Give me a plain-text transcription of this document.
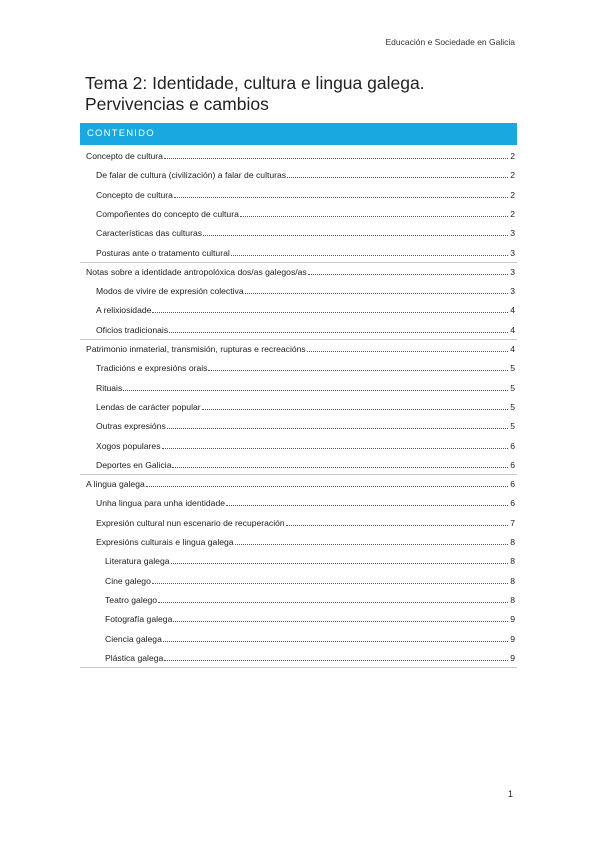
Educación e Sociedade en Galicia
Tema 2: Identidade, cultura e lingua galega. Pervivencias e cambios
CONTENIDO
Concepto de cultura	2
De falar de cultura (civilización) a falar de culturas	2
Concepto de cultura	2
Compoñentes do concepto de cultura	2
Características das culturas	3
Posturas ante o tratamento cultural	3
Notas sobre a identidade antropolóxica dos/as galegos/as	3
Modos de vivire de expresión colectiva	3
A relixiosidade	4
Oficios tradicionais	4
Patrimonio inmaterial, transmisión, rupturas e recreacións	4
Tradicións e expresións orais	5
Rituais	5
Lendas de carácter popular	5
Outras expresións	5
Xogos populares	6
Deportes en Galicia	6
A lingua galega	6
Unha lingua para unha identidade	6
Expresión cultural nun escenario de recuperación	7
Expresións culturais e lingua galega	8
Literatura galega	8
Cine galego	8
Teatro galego	8
Fotografía galega	9
Ciencia galega	9
Plástica galega	9
1
